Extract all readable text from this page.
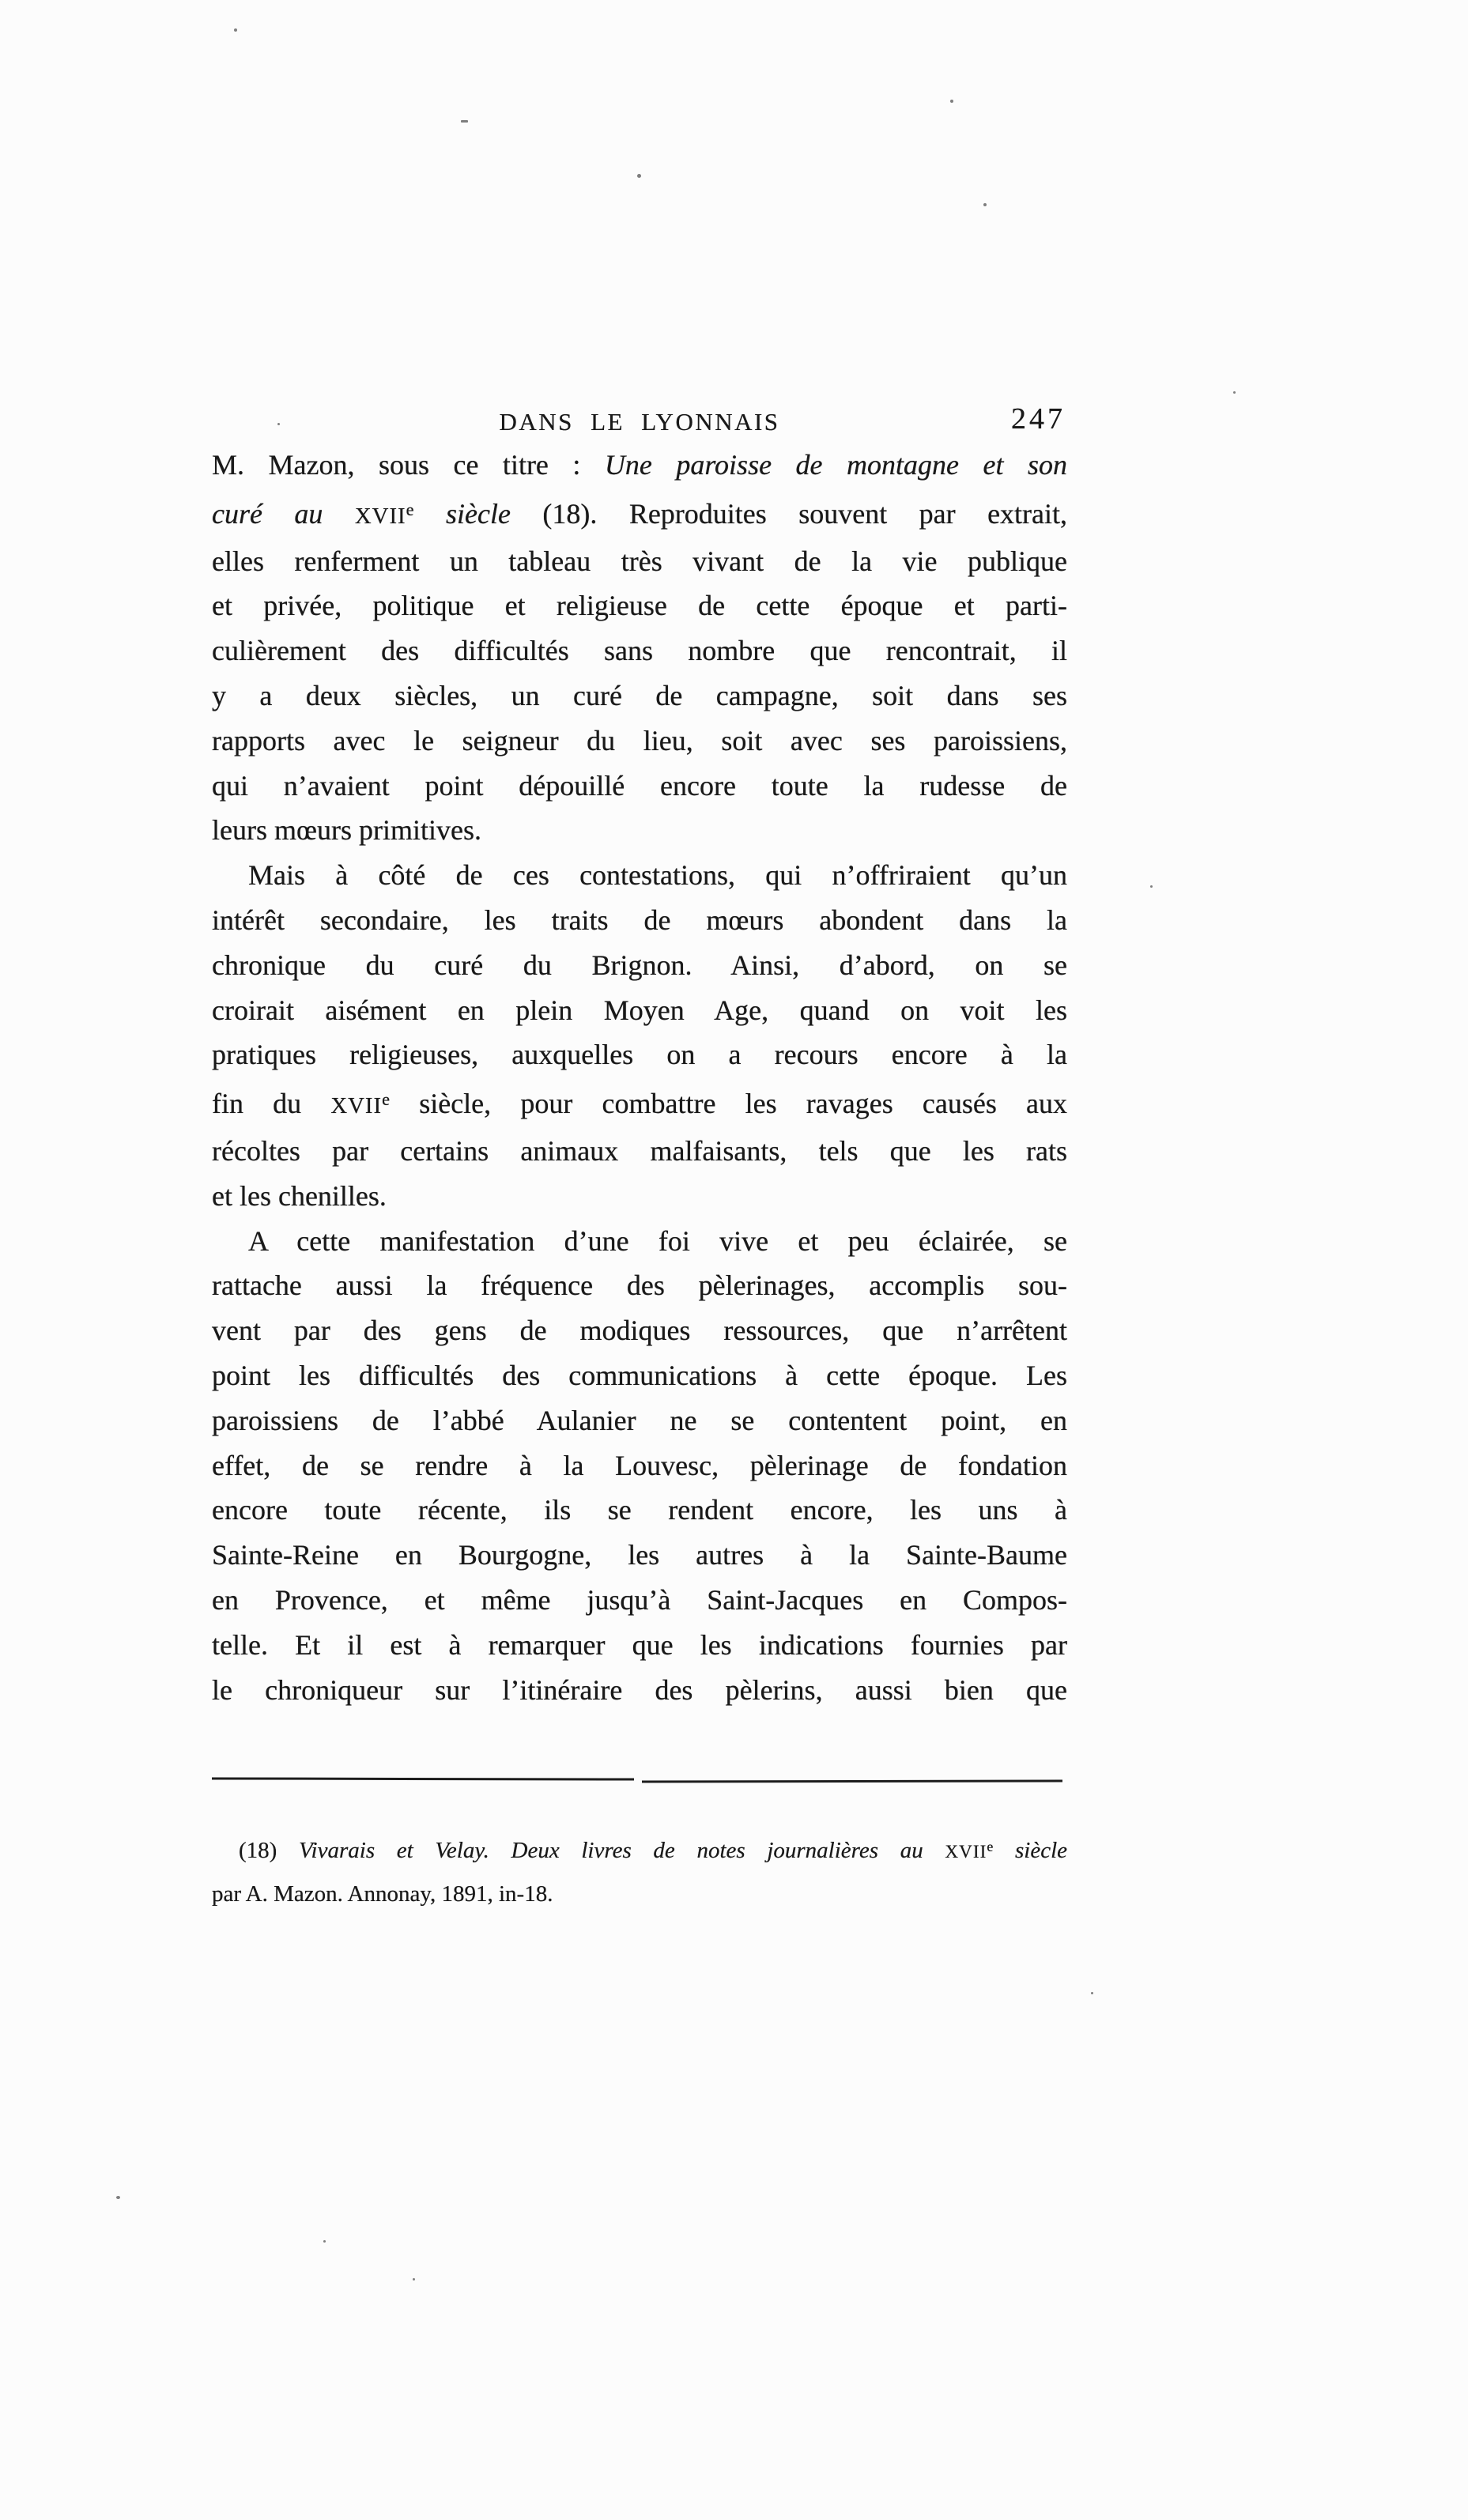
DANS LE LYONNAIS	247
M. Mazon, sous ce titre : Une paroisse de montagne et son
curé au XVIIe siècle (18). Reproduites souvent par extrait,
elles renferment un tableau très vivant de la vie publique
et privée, politique et religieuse de cette époque et parti-
culièrement des difficultés sans nombre que rencontrait, il
y a deux siècles, un curé de campagne, soit dans ses
rapports avec le seigneur du lieu, soit avec ses paroissiens,
qui n’avaient point dépouillé encore toute la rudesse de
leurs mœurs primitives.
Mais à côté de ces contestations, qui n’offriraient qu’un
intérêt secondaire, les traits de mœurs abondent dans la
chronique du curé du Brignon. Ainsi, d’abord, on se
croirait aisément en plein Moyen Age, quand on voit les
pratiques religieuses, auxquelles on a recours encore à la
fin du XVIIe siècle, pour combattre les ravages causés aux
récoltes par certains animaux malfaisants, tels que les rats
et les chenilles.
A cette manifestation d’une foi vive et peu éclairée, se
rattache aussi la fréquence des pèlerinages, accomplis sou-
vent par des gens de modiques ressources, que n’arrêtent
point les difficultés des communications à cette époque. Les
paroissiens de l’abbé Aulanier ne se contentent point, en
effet, de se rendre à la Louvesc, pèlerinage de fondation
encore toute récente, ils se rendent encore, les uns à
Sainte-Reine en Bourgogne, les autres à la Sainte-Baume
en Provence, et même jusqu’à Saint-Jacques en Compos-
telle. Et il est à remarquer que les indications fournies par
le chroniqueur sur l’itinéraire des pèlerins, aussi bien que
(18) Vivarais et Velay. Deux livres de notes journalières au XVIIe siècle
par A. Mazon. Annonay, 1891, in-18.
